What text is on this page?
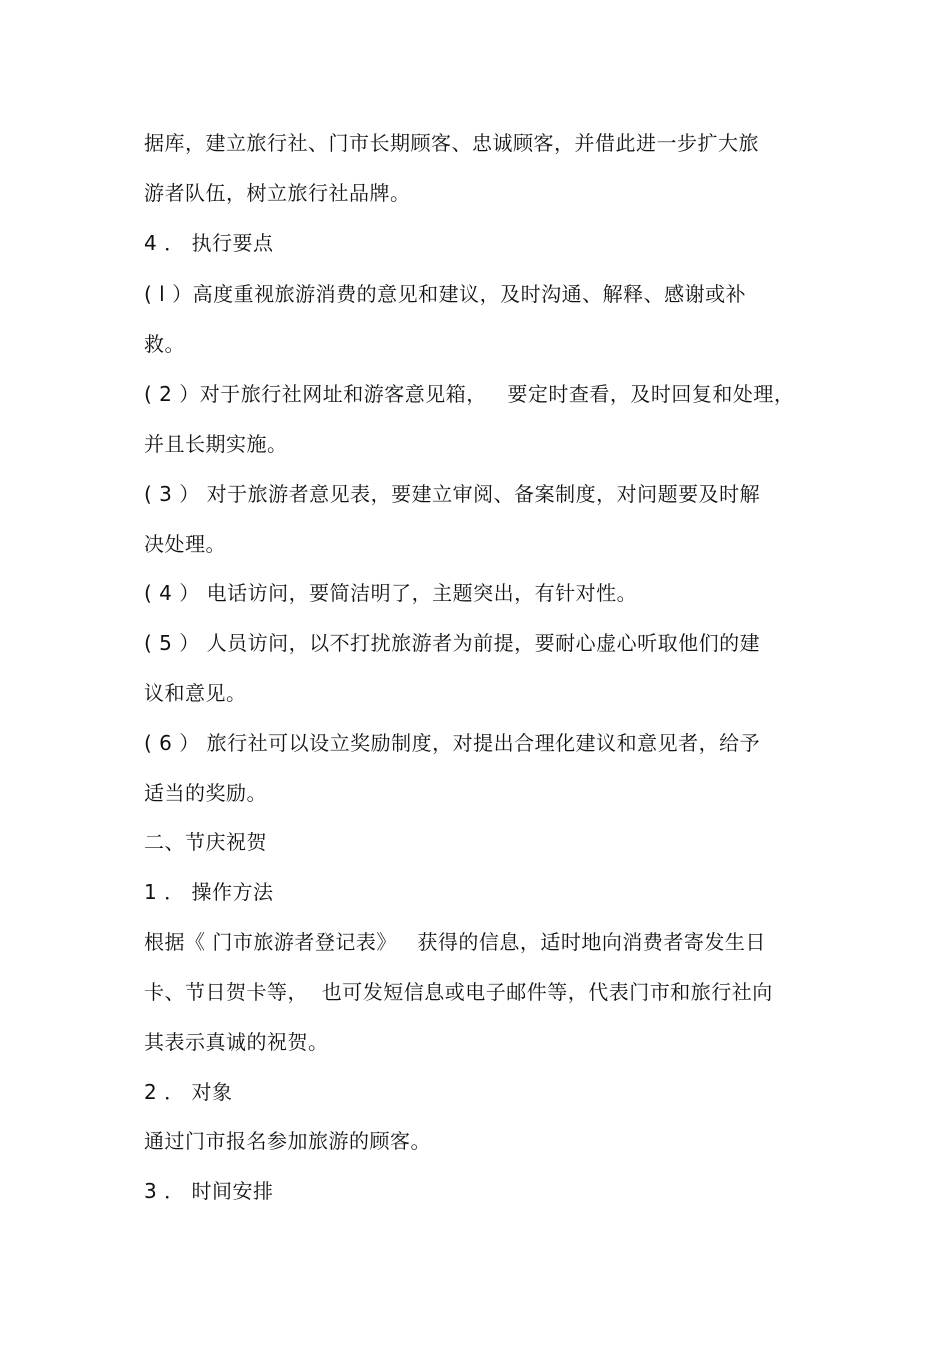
据库，建立旅行社、门市长期顾客、忠诚顾客，并借此进一步扩大旅
游者队伍，树立旅行社品牌。
4 ． 执行要点
( l ）高度重视旅游消费的意见和建议，及时沟通、解释、感谢或补
救。
( 2 ）对于旅行社网址和游客意见箱，   要定时查看，及时回复和处理，
并且长期实施。
( 3 ） 对于旅游者意见表，要建立审阅、备案制度，对问题要及时解
决处理。
( 4 ） 电话访问，要简洁明了，主题突出，有针对性。
( 5 ） 人员访问，以不打扰旅游者为前提，要耐心虚心听取他们的建
议和意见。
( 6 ） 旅行社可以设立奖励制度，对提出合理化建议和意见者，给予
适当的奖励。
二、节庆祝贺
1 ． 操作方法
根据《 门市旅游者登记表》   获得的信息，适时地向消费者寄发生日
卡、节日贺卡等，  也可发短信息或电子邮件等，代表门市和旅行社向
其表示真诚的祝贺。
2 ． 对象
通过门市报名参加旅游的顾客。
3 ． 时间安排
